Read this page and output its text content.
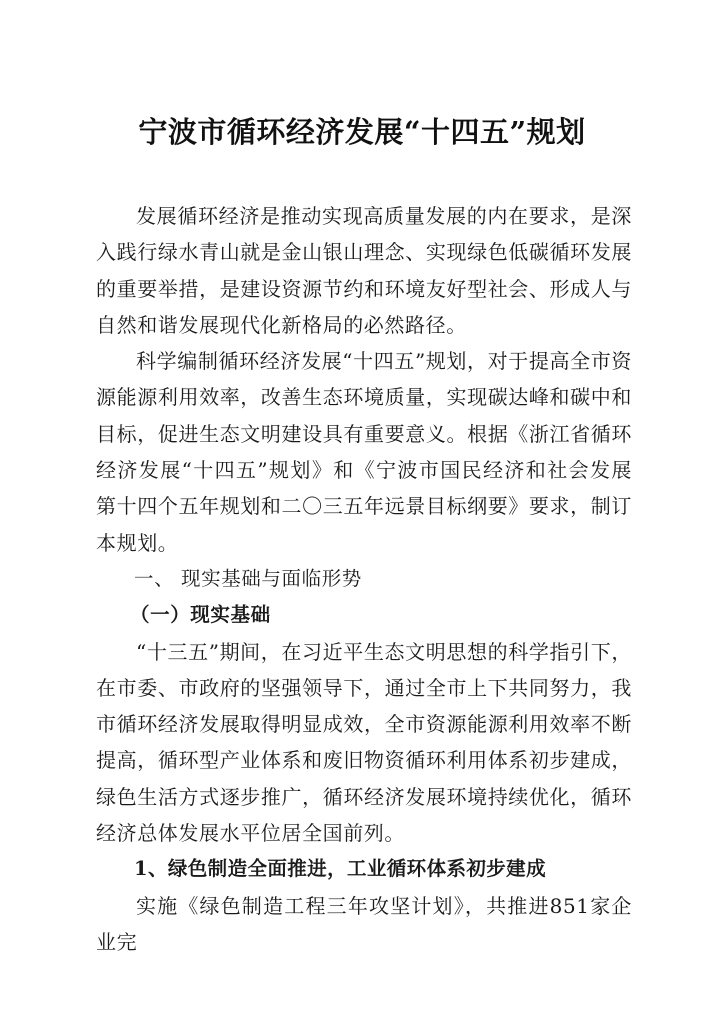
宁波市循环经济发展“十四五”规划

发展循环经济是推动实现高质量发展的内在要求，是深入践行绿水青山就是金山银山理念、实现绿色低碳循环发展的重要举措，是建设资源节约和环境友好型社会、形成人与自然和谐发展现代化新格局的必然路径。

科学编制循环经济发展“十四五”规划，对于提高全市资源能源利用效率，改善生态环境质量，实现碳达峰和碳中和目标，促进生态文明建设具有重要意义。根据《浙江省循环经济发展“十四五”规划》和《宁波市国民经济和社会发展第十四个五年规划和二〇三五年远景目标纲要》要求，制订本规划。

一、 现实基础与面临形势

（一）现实基础

“十三五”期间，在习近平生态文明思想的科学指引下，在市委、市政府的坚强领导下，通过全市上下共同努力，我市循环经济发展取得明显成效，全市资源能源利用效率不断提高，循环型产业体系和废旧物资循环利用体系初步建成，绿色生活方式逐步推广，循环经济发展环境持续优化，循环经济总体发展水平位居全国前列。

1、绿色制造全面推进，工业循环体系初步建成

实施《绿色制造工程三年攻坚计划》，共推进851家企业完
